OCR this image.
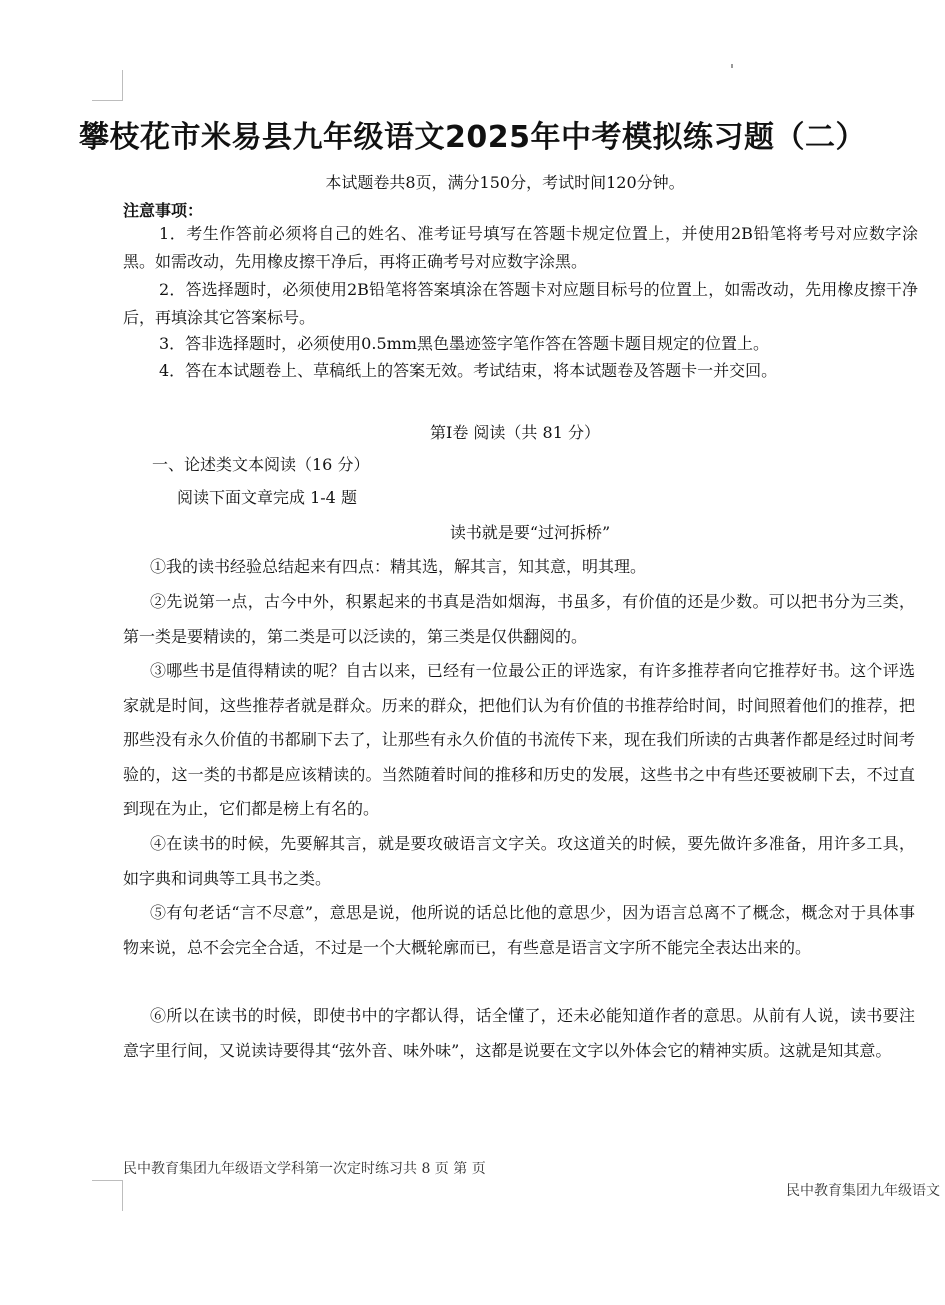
攀枝花市米易县九年级语文2025年中考模拟练习题（二）
本试题卷共8页，满分150分，考试时间120分钟。
注意事项：
1．考生作答前必须将自己的姓名、准考证号填写在答题卡规定位置上，并使用2B铅笔将考号对应数字涂黑。如需改动，先用橡皮擦干净后，再将正确考号对应数字涂黑。
2．答选择题时，必须使用2B铅笔将答案填涂在答题卡对应题目标号的位置上，如需改动，先用橡皮擦干净后，再填涂其它答案标号。
3．答非选择题时，必须使用0.5mm黑色墨迹签字笔作答在答题卡题目规定的位置上。
4．答在本试题卷上、草稿纸上的答案无效。考试结束，将本试题卷及答题卡一并交回。
第Ⅰ卷 阅读（共 81 分）
一、论述类文本阅读（16 分）
阅读下面文章完成 1-4 题
读书就是要“过河拆桥”
①我的读书经验总结起来有四点：精其选，解其言，知其意，明其理。
②先说第一点，古今中外，积累起来的书真是浩如烟海，书虽多，有价值的还是少数。可以把书分为三类，第一类是要精读的，第二类是可以泛读的，第三类是仅供翻阅的。
③哪些书是值得精读的呢？自古以来，已经有一位最公正的评选家，有许多推荐者向它推荐好书。这个评选家就是时间，这些推荐者就是群众。历来的群众，把他们认为有价值的书推荐给时间，时间照着他们的推荐，把那些没有永久价值的书都刷下去了，让那些有永久价值的书流传下来，现在我们所读的古典著作都是经过时间考验的，这一类的书都是应该精读的。当然随着时间的推移和历史的发展，这些书之中有些还要被刷下去，不过直到现在为止，它们都是榜上有名的。
④在读书的时候，先要解其言，就是要攻破语言文字关。攻这道关的时候，要先做许多准备，用许多工具，如字典和词典等工具书之类。
⑤有句老话“言不尽意”，意思是说，他所说的话总比他的意思少，因为语言总离不了概念，概念对于具体事物来说，总不会完全合适，不过是一个大概轮廓而已，有些意是语言文字所不能完全表达出来的。
⑥所以在读书的时候，即使书中的字都认得，话全懂了，还未必能知道作者的意思。从前有人说，读书要注意字里行间，又说读诗要得其“弦外音、味外味”，这都是说要在文字以外体会它的精神实质。这就是知其意。
民中教育集团九年级语文学科第一次定时练习共 8 页 第 页
民中教育集团九年级语文
